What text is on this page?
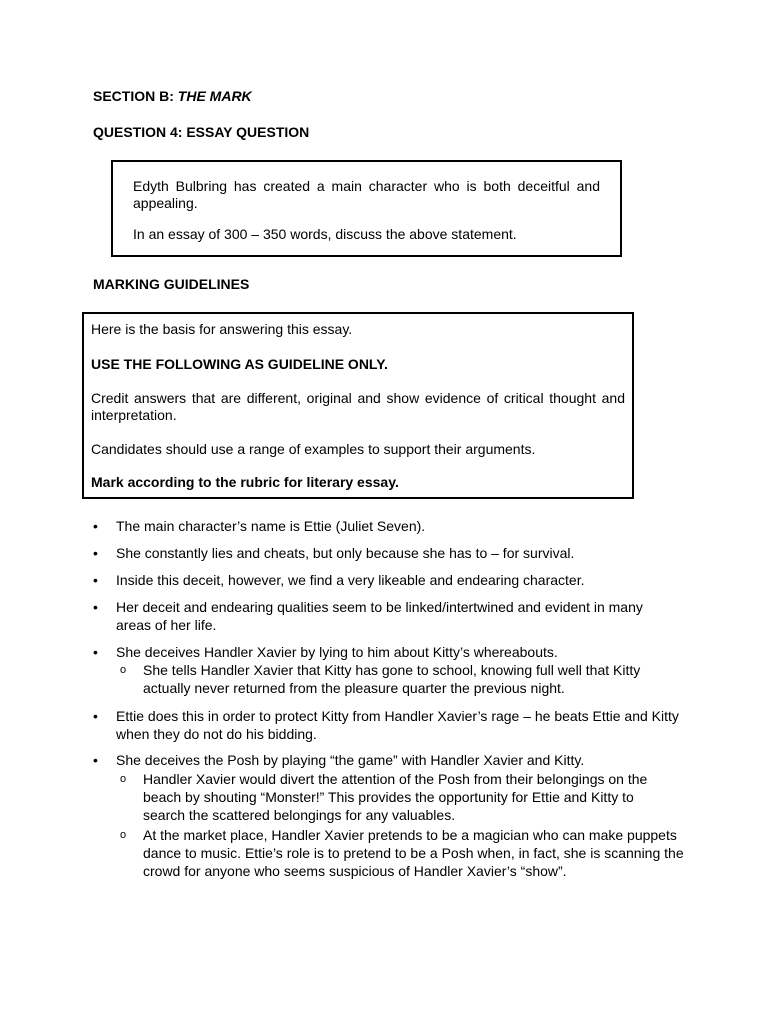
SECTION B: THE MARK
QUESTION 4: ESSAY QUESTION

Edyth Bulbring has created a main character who is both deceitful and appealing.

In an essay of 300 – 350 words, discuss the above statement.

MARKING GUIDELINES

Here is the basis for answering this essay.

USE THE FOLLOWING AS GUIDELINE ONLY.

Credit answers that are different, original and show evidence of critical thought and interpretation.

Candidates should use a range of examples to support their arguments.

Mark according to the rubric for literary essay.

• The main character’s name is Ettie (Juliet Seven).
• She constantly lies and cheats, but only because she has to – for survival.
• Inside this deceit, however, we find a very likeable and endearing character.
• Her deceit and endearing qualities seem to be linked/intertwined and evident in many areas of her life.
• She deceives Handler Xavier by lying to him about Kitty’s whereabouts.
o She tells Handler Xavier that Kitty has gone to school, knowing full well that Kitty actually never returned from the pleasure quarter the previous night.
• Ettie does this in order to protect Kitty from Handler Xavier’s rage – he beats Ettie and Kitty when they do not do his bidding.
• She deceives the Posh by playing “the game” with Handler Xavier and Kitty.
o Handler Xavier would divert the attention of the Posh from their belongings on the beach by shouting “Monster!” This provides the opportunity for Ettie and Kitty to search the scattered belongings for any valuables.
o At the market place, Handler Xavier pretends to be a magician who can make puppets dance to music. Ettie’s role is to pretend to be a Posh when, in fact, she is scanning the crowd for anyone who seems suspicious of Handler Xavier’s “show”.
